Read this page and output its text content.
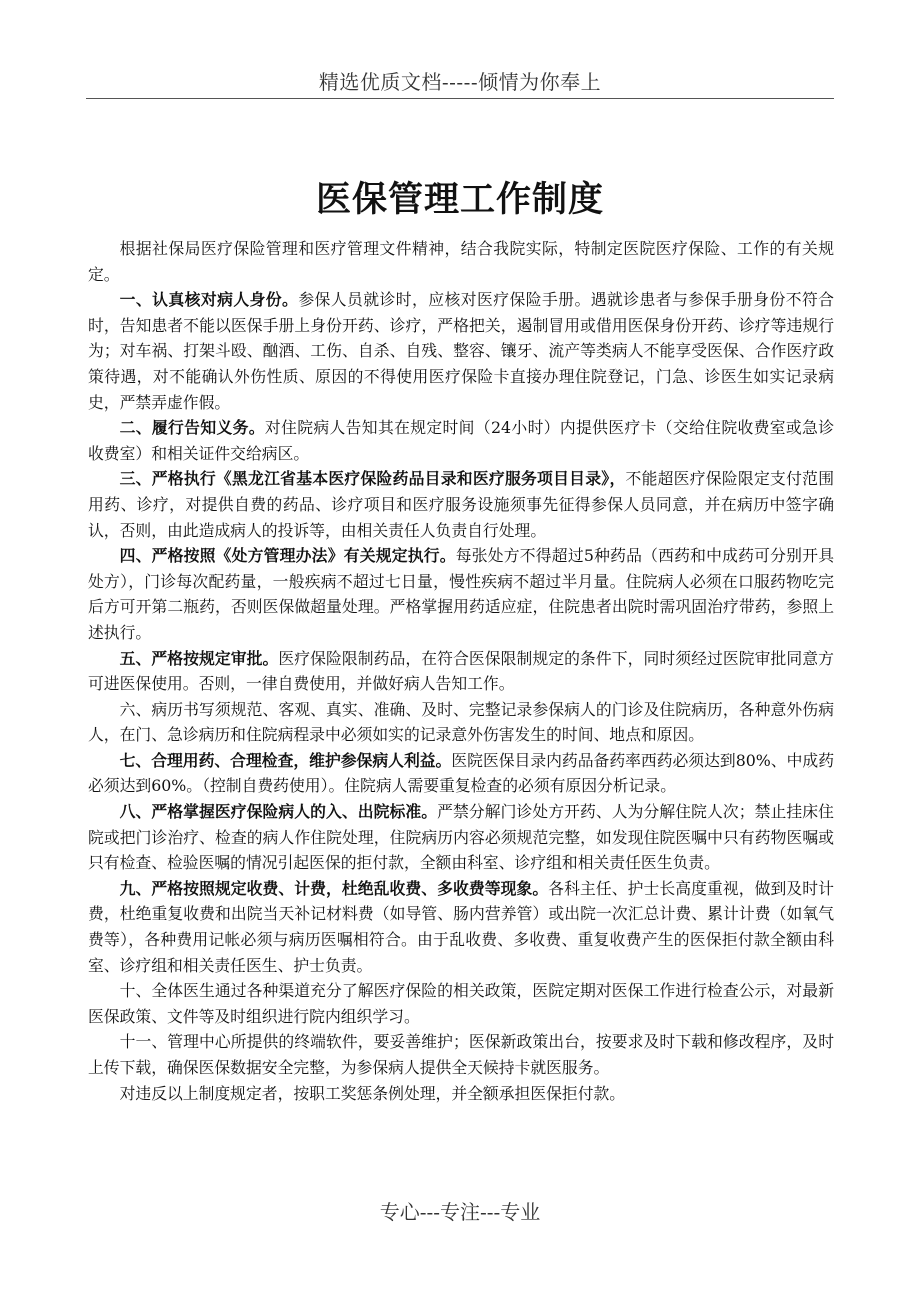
精选优质文档-----倾情为你奉上
医保管理工作制度

根据社保局医疗保险管理和医疗管理文件精神，结合我院实际，特制定医院医疗保险、工作的有关规定。

一、认真核对病人身份。参保人员就诊时，应核对医疗保险手册。遇就诊患者与参保手册身份不符合时，告知患者不能以医保手册上身份开药、诊疗，严格把关，遏制冒用或借用医保身份开药、诊疗等违规行为；对车祸、打架斗殴、酗酒、工伤、自杀、自残、整容、镶牙、流产等类病人不能享受医保、合作医疗政策待遇，对不能确认外伤性质、原因的不得使用医疗保险卡直接办理住院登记，门急、诊医生如实记录病史，严禁弄虚作假。

二、履行告知义务。对住院病人告知其在规定时间（24小时）内提供医疗卡（交给住院收费室或急诊收费室）和相关证件交给病区。

三、严格执行《黑龙江省基本医疗保险药品目录和医疗服务项目目录》，不能超医疗保险限定支付范围用药、诊疗，对提供自费的药品、诊疗项目和医疗服务设施须事先征得参保人员同意，并在病历中签字确认，否则，由此造成病人的投诉等，由相关责任人负责自行处理。

四、严格按照《处方管理办法》有关规定执行。每张处方不得超过5种药品（西药和中成药可分别开具处方），门诊每次配药量，一般疾病不超过七日量，慢性疾病不超过半月量。住院病人必须在口服药物吃完后方可开第二瓶药，否则医保做超量处理。严格掌握用药适应症，住院患者出院时需巩固治疗带药，参照上述执行。

五、严格按规定审批。医疗保险限制药品，在符合医保限制规定的条件下，同时须经过医院审批同意方可进医保使用。否则，一律自费使用，并做好病人告知工作。

六、病历书写须规范、客观、真实、准确、及时、完整记录参保病人的门诊及住院病历，各种意外伤病人，在门、急诊病历和住院病程录中必须如实的记录意外伤害发生的时间、地点和原因。

七、合理用药、合理检查，维护参保病人利益。医院医保目录内药品备药率西药必须达到80%、中成药必须达到60%。（控制自费药使用）。住院病人需要重复检查的必须有原因分析记录。

八、严格掌握医疗保险病人的入、出院标准。严禁分解门诊处方开药、人为分解住院人次；禁止挂床住院或把门诊治疗、检查的病人作住院处理，住院病历内容必须规范完整，如发现住院医嘱中只有药物医嘱或只有检查、检验医嘱的情况引起医保的拒付款，全额由科室、诊疗组和相关责任医生负责。

九、严格按照规定收费、计费，杜绝乱收费、多收费等现象。各科主任、护士长高度重视，做到及时计费，杜绝重复收费和出院当天补记材料费（如导管、肠内营养管）或出院一次汇总计费、累计计费（如氧气费等），各种费用记帐必须与病历医嘱相符合。由于乱收费、多收费、重复收费产生的医保拒付款全额由科室、诊疗组和相关责任医生、护士负责。

十、全体医生通过各种渠道充分了解医疗保险的相关政策，医院定期对医保工作进行检查公示，对最新医保政策、文件等及时组织进行院内组织学习。

十一、管理中心所提供的终端软件，要妥善维护；医保新政策出台，按要求及时下载和修改程序，及时上传下载，确保医保数据安全完整，为参保病人提供全天候持卡就医服务。

对违反以上制度规定者，按职工奖惩条例处理，并全额承担医保拒付款。

专心---专注---专业
